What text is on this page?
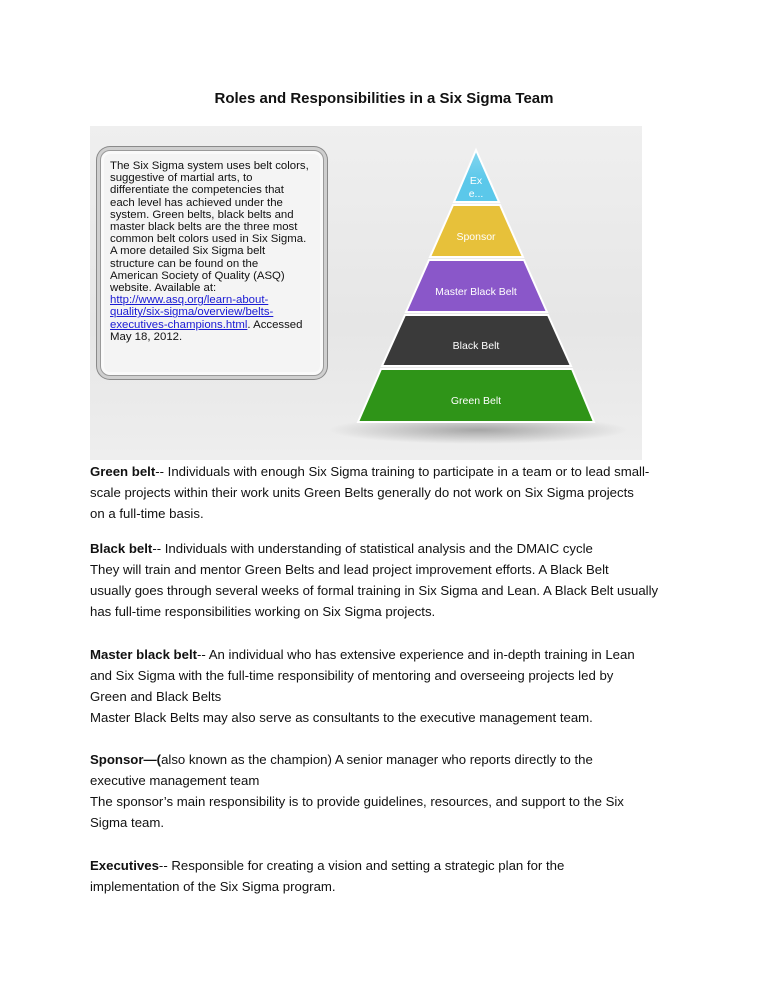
Roles and Responsibilities in a Six Sigma Team
The Six Sigma system uses belt colors,
suggestive of martial arts, to
differentiate the competencies that
each level has achieved under the
system. Green belts, black belts and
master black belts are the three most
common belt colors used in Six Sigma.
A more detailed Six Sigma belt
structure can be found on the
American Society of Quality (ASQ)
website. Available at:
http://www.asq.org/learn-about-
quality/six-sigma/overview/belts-
executives-champions.html. Accessed
May 18, 2012.
Ex
e...
Sponsor
Master Black Belt
Black Belt
Green Belt
Green belt-- Individuals with enough Six Sigma training to participate in a team or to lead small-
scale projects within their work units Green Belts generally do not work on Six Sigma projects
on a full-time basis.
Black belt-- Individuals with understanding of statistical analysis and the DMAIC cycle
They will train and mentor Green Belts and lead project improvement efforts. A Black Belt
usually goes through several weeks of formal training in Six Sigma and Lean. A Black Belt usually
has full-time responsibilities working on Six Sigma projects.
Master black belt-- An individual who has extensive experience and in-depth training in Lean
and Six Sigma with the full-time responsibility of mentoring and overseeing projects led by
Green and Black Belts
Master Black Belts may also serve as consultants to the executive management team.
Sponsor—(also known as the champion) A senior manager who reports directly to the
executive management team
The sponsor’s main responsibility is to provide guidelines, resources, and support to the Six
Sigma team.
Executives-- Responsible for creating a vision and setting a strategic plan for the
implementation of the Six Sigma program.
